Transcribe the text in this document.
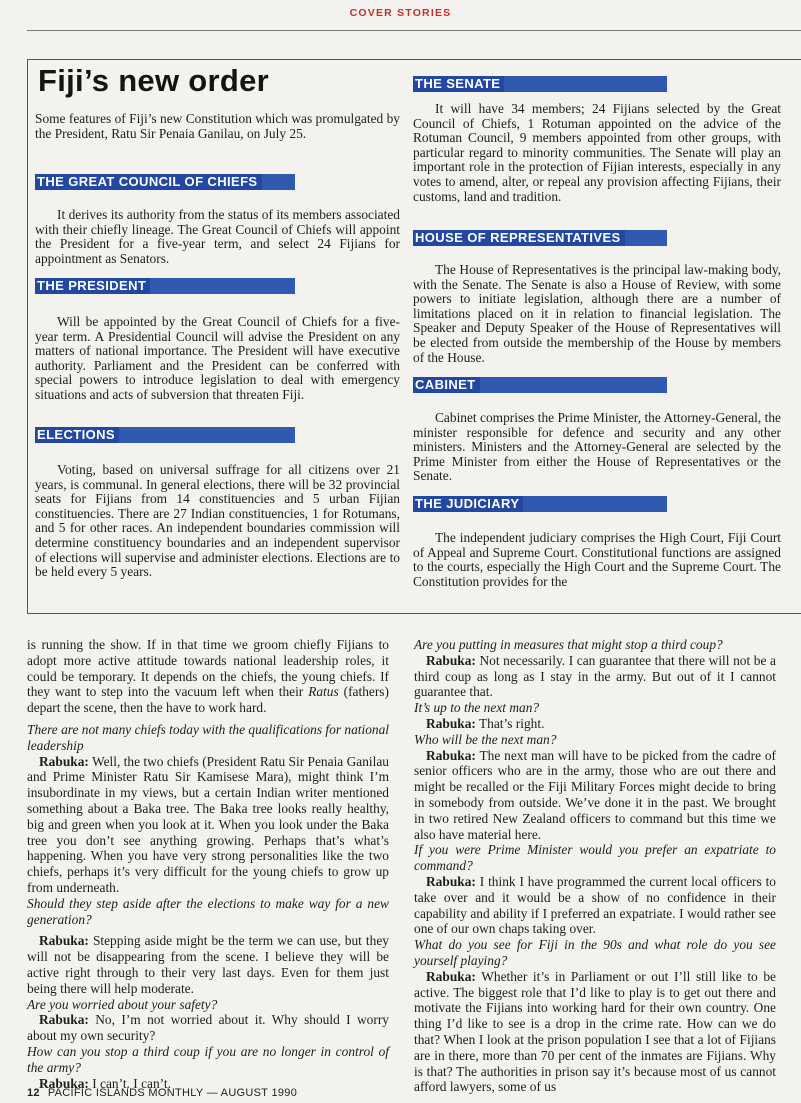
COVER STORIES
Fiji’s new order

Some features of Fiji’s new Constitution which was promulgated by the President, Ratu Sir Penaia Ganilau, on July 25.

THE GREAT COUNCIL OF CHIEFS

It derives its authority from the status of its members associated with their chiefly lineage. The Great Council of Chiefs will appoint the President for a five-year term, and select 24 Fijians for appointment as Senators.

THE PRESIDENT

Will be appointed by the Great Council of Chiefs for a five-year term. A Presidential Council will advise the President on any matters of national importance. The President will have executive authority. Parliament and the President can be conferred with special powers to introduce legislation to deal with emergency situations and acts of subversion that threaten Fiji.

ELECTIONS

Voting, based on universal suffrage for all citizens over 21 years, is communal. In general elections, there will be 32 provincial seats for Fijians from 14 constituencies and 5 urban Fijian constituencies. There are 27 Indian constituencies, 1 for Rotumans, and 5 for other races. An independent boundaries commission will determine constituency boundaries and an independent supervisor of elections will supervise and administer elections. Elections are to be held every 5 years.

THE SENATE

It will have 34 members; 24 Fijians selected by the Great Council of Chiefs, 1 Rotuman appointed on the advice of the Rotuman Council, 9 members appointed from other groups, with particular regard to minority communities. The Senate will play an important role in the protection of Fijian interests, especially in any votes to amend, alter, or repeal any provision affecting Fijians, their customs, land and tradition.

HOUSE OF REPRESENTATIVES

The House of Representatives is the principal law-making body, with the Senate. The Senate is also a House of Review, with some powers to initiate legislation, although there are a number of limitations placed on it in relation to financial legislation. The Speaker and Deputy Speaker of the House of Representatives will be elected from outside the membership of the House by members of the House.

CABINET

Cabinet comprises the Prime Minister, the Attorney-General, the minister responsible for defence and security and any other ministers. Ministers and the Attorney-General are selected by the Prime Minister from either the House of Representatives or the Senate.

THE JUDICIARY

The independent judiciary comprises the High Court, Fiji Court of Appeal and Supreme Court. Constitutional functions are assigned to the courts, especially the High Court and the Supreme Court. The Constitution provides for the

is running the show. If in that time we groom chiefly Fijians to adopt more active attitude towards national leadership roles, it could be temporary. It depends on the chiefs, the young chiefs. If they want to step into the vacuum left when their Ratus (fathers) depart the scene, then the have to work hard.

There are not many chiefs today with the qualifications for national leadership

Rabuka: Well, the two chiefs (President Ratu Sir Penaia Ganilau and Prime Minister Ratu Sir Kamisese Mara), might think I’m insubordinate in my views, but a certain Indian writer mentioned something about a Baka tree. The Baka tree looks really healthy, big and green when you look at it. When you look under the Baka tree you don’t see anything growing. Perhaps that’s what’s happening. When you have very strong personalities like the two chiefs, perhaps it’s very difficult for the young chiefs to grow up from underneath.

Should they step aside after the elections to make way for a new generation?

Rabuka: Stepping aside might be the term we can use, but they will not be disappearing from the scene. I believe they will be active right through to their very last days. Even for them just being there will help moderate.

Are you worried about your safety?

Rabuka: No, I’m not worried about it. Why should I worry about my own security?

How can you stop a third coup if you are no longer in control of the army?

Rabuka: I can’t. I can’t.

Are you putting in measures that might stop a third coup?

Rabuka: Not necessarily. I can guarantee that there will not be a third coup as long as I stay in the army. But out of it I cannot guarantee that.

It’s up to the next man?

Rabuka: That’s right.

Who will be the next man?

Rabuka: The next man will have to be picked from the cadre of senior officers who are in the army, those who are out there and might be recalled or the Fiji Military Forces might decide to bring in somebody from outside. We’ve done it in the past. We brought in two retired New Zealand officers to command but this time we also have material here.

If you were Prime Minister would you prefer an expatriate to command?

Rabuka: I think I have programmed the current local officers to take over and it would be a show of no confidence in their capability and ability if I preferred an expatriate. I would rather see one of our own chaps taking over.

What do you see for Fiji in the 90s and what role do you see yourself playing?

Rabuka: Whether it’s in Parliament or out I’ll still like to be active. The biggest role that I’d like to play is to get out there and motivate the Fijians into working hard for their own country. One thing I’d like to see is a drop in the crime rate. How can we do that? When I look at the prison population I see that a lot of Fijians are in there, more than 70 per cent of the inmates are Fijians. Why is that? The authorities in prison say it’s because most of us cannot afford lawyers, some of us

12 PACIFIC ISLANDS MONTHLY — AUGUST 1990
